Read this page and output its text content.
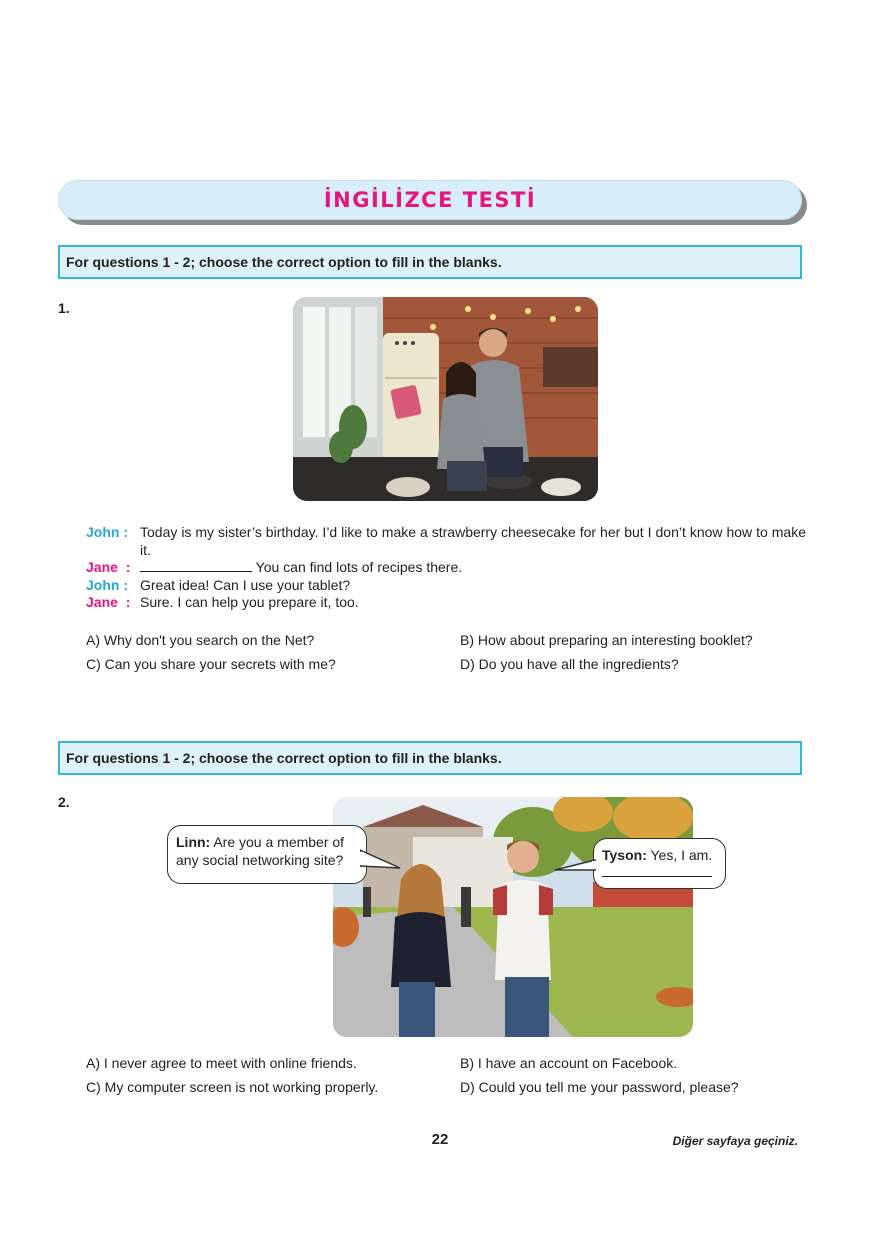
İNGİLİZCE TESTİ
For questions 1 - 2; choose the correct option to fill in the blanks.
1.
John : Today is my sister’s birthday. I’d like to make a strawberry cheesecake for her but I don’t know how to make it.
Jane :	You can find lots of recipes there.
John : Great idea! Can I use your tablet?
Jane : Sure. I can help you prepare it, too.
A) Why don't you search on the Net?	B) How about preparing an interesting booklet?
C) Can you share your secrets with me?	D) Do you have all the ingredients?
For questions 1 - 2; choose the correct option to fill in the blanks.
2.
Linn: Are you a member of any social networking site?	Tyson: Yes, I am.
A) I never agree to meet with online friends.	B) I have an account on Facebook.
C) My computer screen is not working properly.	D) Could you tell me your password, please?
22	Diğer sayfaya geçiniz.
